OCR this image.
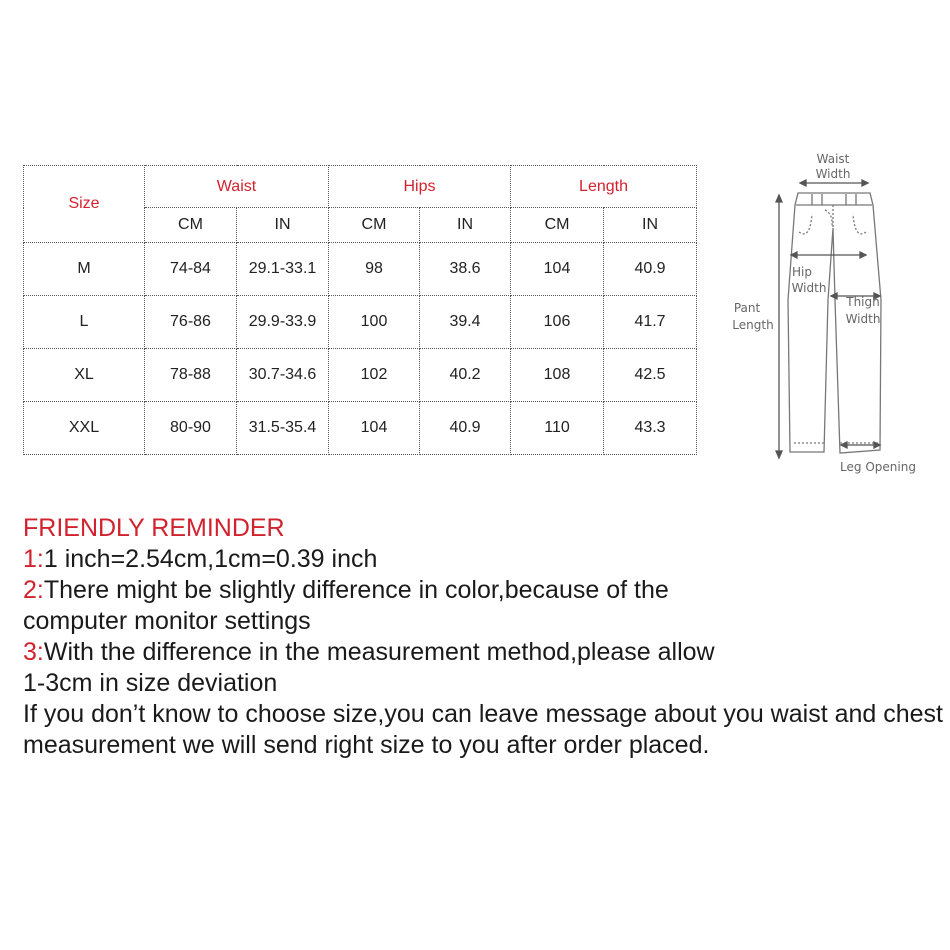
Size	Waist		Hips		Length	
	CM	IN	CM	IN	CM	IN
M	74-84	29.1-33.1	98	38.6	104	40.9
L	76-86	29.9-33.9	100	39.4	106	41.7
XL	78-88	30.7-34.6	102	40.2	108	42.5
XXL	80-90	31.5-35.4	104	40.9	110	43.3
Waist
Width
Hip
Width
Pant
Length
Thigh
Width
Leg Opening
FRIENDLY REMINDER
1:1 inch=2.54cm,1cm=0.39 inch
2:There might be slightly difference in color,because of the
computer monitor settings
3:With the difference in the measurement method,please allow
1-3cm in size deviation
If you don’t know to choose size,you can leave message about you waist and chest measurement we will send right size to you after order placed.
